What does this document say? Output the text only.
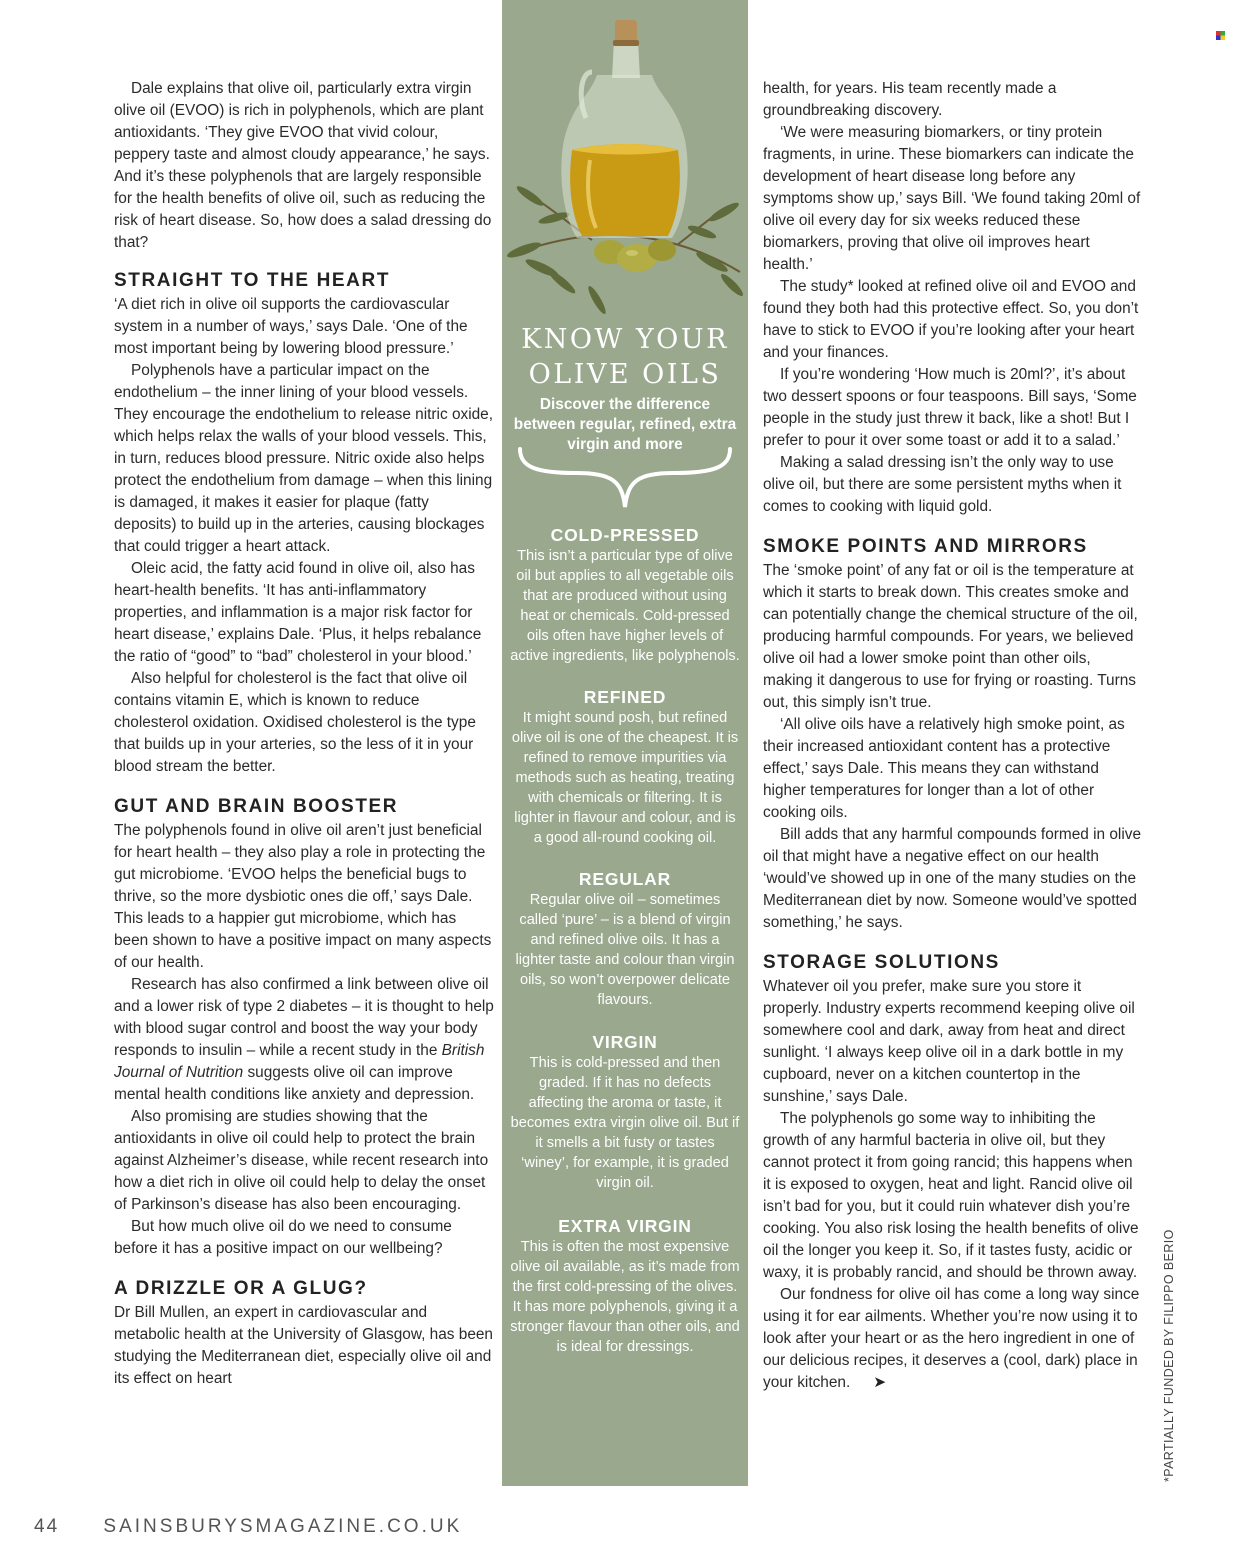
Dale explains that olive oil, particularly extra virgin olive oil (EVOO) is rich in polyphenols, which are plant antioxidants. ‘They give EVOO that vivid colour, peppery taste and almost cloudy appearance,’ he says. And it’s these polyphenols that are largely responsible for the health benefits of olive oil, such as reducing the risk of heart disease. So, how does a salad dressing do that?

STRAIGHT TO THE HEART

‘A diet rich in olive oil supports the cardiovascular system in a number of ways,’ says Dale. ‘One of the most important being by lowering blood pressure.’

Polyphenols have a particular impact on the endothelium – the inner lining of your blood vessels. They encourage the endothelium to release nitric oxide, which helps relax the walls of your blood vessels. This, in turn, reduces blood pressure. Nitric oxide also helps protect the endothelium from damage – when this lining is damaged, it makes it easier for plaque (fatty deposits) to build up in the arteries, causing blockages that could trigger a heart attack.

Oleic acid, the fatty acid found in olive oil, also has heart-health benefits. ‘It has anti-inflammatory properties, and inflammation is a major risk factor for heart disease,’ explains Dale. ‘Plus, it helps rebalance the ratio of “good” to “bad” cholesterol in your blood.’

Also helpful for cholesterol is the fact that olive oil contains vitamin E, which is known to reduce cholesterol oxidation. Oxidised cholesterol is the type that builds up in your arteries, so the less of it in your blood stream the better.

GUT AND BRAIN BOOSTER

The polyphenols found in olive oil aren’t just beneficial for heart health – they also play a role in protecting the gut microbiome. ‘EVOO helps the beneficial bugs to thrive, so the more dysbiotic ones die off,’ says Dale. This leads to a happier gut microbiome, which has been shown to have a positive impact on many aspects of our health.

Research has also confirmed a link between olive oil and a lower risk of type 2 diabetes – it is thought to help with blood sugar control and boost the way your body responds to insulin – while a recent study in the British Journal of Nutrition suggests olive oil can improve mental health conditions like anxiety and depression.

Also promising are studies showing that the antioxidants in olive oil could help to protect the brain against Alzheimer’s disease, while recent research into how a diet rich in olive oil could help to delay the onset of Parkinson’s disease has also been encouraging.

But how much olive oil do we need to consume before it has a positive impact on our wellbeing?

A DRIZZLE OR A GLUG?

Dr Bill Mullen, an expert in cardiovascular and metabolic health at the University of Glasgow, has been studying the Mediterranean diet, especially olive oil and its effect on heart

KNOW YOUR
OLIVE OILS
Discover the difference between regular, refined, extra virgin and more
COLD-PRESSED

This isn’t a particular type of olive oil but applies to all vegetable oils that are produced without using heat or chemicals. Cold-pressed oils often have higher levels of active ingredients, like polyphenols.

REFINED

It might sound posh, but refined olive oil is one of the cheapest. It is refined to remove impurities via methods such as heating, treating with chemicals or filtering. It is lighter in flavour and colour, and is a good all-round cooking oil.

REGULAR

Regular olive oil – sometimes called ‘pure’ – is a blend of virgin and refined olive oils. It has a lighter taste and colour than virgin oils, so won’t overpower delicate flavours.

VIRGIN

This is cold-pressed and then graded. If it has no defects affecting the aroma or taste, it becomes extra virgin olive oil. But if it smells a bit fusty or tastes ‘winey’, for example, it is graded virgin oil.

EXTRA VIRGIN

This is often the most expensive olive oil available, as it’s made from the first cold-pressing of the olives. It has more polyphenols, giving it a stronger flavour than other oils, and is ideal for dressings.

health, for years. His team recently made a groundbreaking discovery.

‘We were measuring biomarkers, or tiny protein fragments, in urine. These biomarkers can indicate the development of heart disease long before any symptoms show up,’ says Bill. ‘We found taking 20ml of olive oil every day for six weeks reduced these biomarkers, proving that olive oil improves heart health.’

The study* looked at refined olive oil and EVOO and found they both had this protective effect. So, you don’t have to stick to EVOO if you’re looking after your heart and your finances.

If you’re wondering ‘How much is 20ml?’, it’s about two dessert spoons or four teaspoons. Bill says, ‘Some people in the study just threw it back, like a shot! But I prefer to pour it over some toast or add it to a salad.’

Making a salad dressing isn’t the only way to use olive oil, but there are some persistent myths when it comes to cooking with liquid gold.

SMOKE POINTS AND MIRRORS

The ‘smoke point’ of any fat or oil is the temperature at which it starts to break down. This creates smoke and can potentially change the chemical structure of the oil, producing harmful compounds. For years, we believed olive oil had a lower smoke point than other oils, making it dangerous to use for frying or roasting. Turns out, this simply isn’t true.

‘All olive oils have a relatively high smoke point, as their increased antioxidant content has a protective effect,’ says Dale. This means they can withstand higher temperatures for longer than a lot of other cooking oils.

Bill adds that any harmful compounds formed in olive oil that might have a negative effect on our health ‘would’ve showed up in one of the many studies on the Mediterranean diet by now. Someone would’ve spotted something,’ he says.

STORAGE SOLUTIONS

Whatever oil you prefer, make sure you store it properly. Industry experts recommend keeping olive oil somewhere cool and dark, away from heat and direct sunlight. ‘I always keep olive oil in a dark bottle in my cupboard, never on a kitchen countertop in the sunshine,’ says Dale.

The polyphenols go some way to inhibiting the growth of any harmful bacteria in olive oil, but they cannot protect it from going rancid; this happens when it is exposed to oxygen, heat and light. Rancid olive oil isn’t bad for you, but it could ruin whatever dish you’re cooking. You also risk losing the health benefits of olive oil the longer you keep it. So, if it tastes fusty, acidic or waxy, it is probably rancid, and should be thrown away.

Our fondness for olive oil has come a long way since using it for ear ailments. Whether you’re now using it to look after your heart or as the hero ingredient in one of our delicious recipes, it deserves a (cool, dark) place in your kitchen. ➤	*PARTIALLY FUNDED BY FILIPPO BERIO
44 SAINSBURYSMAGAZINE.CO.UK
